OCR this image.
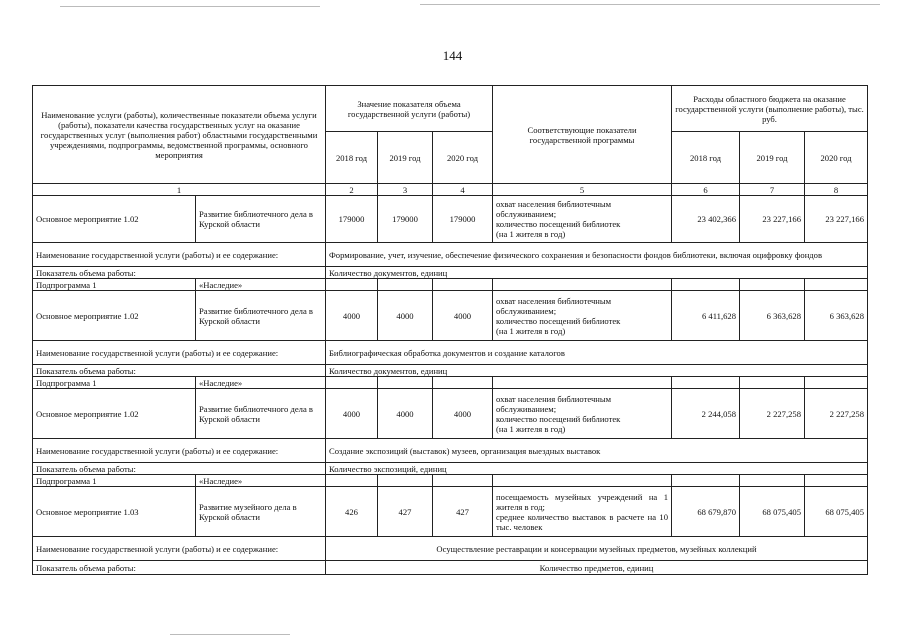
144
Наименование услуги (работы), количественные показатели объема услуги (работы), показатели качества государственных услуг на оказание государственных услуг (выполнения работ) областными государственными учреждениями, подпрограммы, ведомственной программы, основного мероприятия		Значение показателя объема государственной услуги (работы)			Соответствующие показатели государственной программы	Расходы областного бюджета на оказание государственной услуги (выполнение работы), тыс. руб.		
		2018 год	2019 год	2020 год		2018 год	2019 год	2020 год
1		2	3	4	5	6	7	8
Основное мероприятие 1.02	Развитие библиотечного дела в Курской области	179000	179000	179000	охват населения библиотечным обслуживанием;
количество посещений библиотек
(на 1 жителя в год)	23 402,366	23 227,166	23 227,166
Наименование государственной услуги (работы) и ее содержание:		Формирование, учет, изучение, обеспечение физического сохранения и безопасности фондов библиотеки, включая оцифровку фондов						
Показатель объема работы:		Количество документов, единиц						
Подпрограмма 1	«Наследие»							
Основное мероприятие 1.02	Развитие библиотечного дела в Курской области	4000	4000	4000	охват населения библиотечным обслуживанием;
количество посещений библиотек
(на 1 жителя в год)	6 411,628	6 363,628	6 363,628
Наименование государственной услуги (работы) и ее содержание:		Библиографическая обработка документов и создание каталогов						
Показатель объема работы:		Количество документов, единиц						
Подпрограмма 1	«Наследие»							
Основное мероприятие 1.02	Развитие библиотечного дела в Курской области	4000	4000	4000	охват населения библиотечным обслуживанием;
количество посещений библиотек
(на 1 жителя в год)	2 244,058	2 227,258	2 227,258
Наименование государственной услуги (работы) и ее содержание:		Создание экспозиций (выставок) музеев, организация выездных выставок						
Показатель объема работы:		Количество экспозиций, единиц						
Подпрограмма 1	«Наследие»							
Основное мероприятие 1.03	Развитие музейного дела в Курской области	426	427	427	посещаемость музейных учреждений на 1 жителя в год;
среднее количество выставок в расчете на 10 тыс. человек	68 679,870	68 075,405	68 075,405
Наименование государственной услуги (работы) и ее содержание:		Осуществление реставрации и консервации музейных предметов, музейных коллекций						
Показатель объема работы:		Количество предметов, единиц						
